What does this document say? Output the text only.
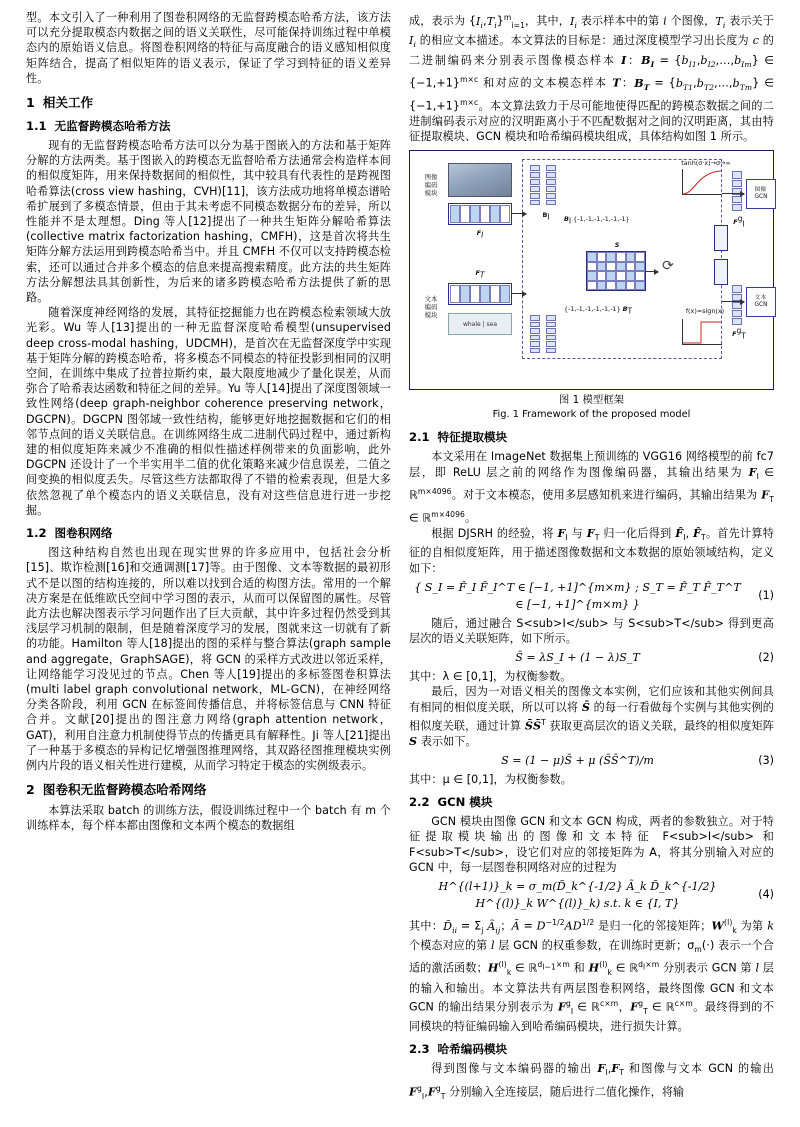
型。本文引入了一种利用了图卷积网络的无监督跨模态哈希方法，该方法可以充分提取模态内数据之间的语义关联性，尽可能保持训练过程中单模态内的原始语义信息。将图卷积网络的特征与高度融合的语义感知相似度矩阵结合，提高了相似矩阵的语义表示，保证了学习到特征的语义差异性。

1 相关工作
1.1 无监督跨模态哈希方法

现有的无监督跨模态哈希方法可以分为基于图嵌入的方法和基于矩阵分解的方法两类。基于图嵌入的跨模态无监督哈希方法通常会构造样本间的相似度矩阵，用来保持数据间的相似性，其中较具有代表性的是跨视图哈希算法(cross view hashing，CVH)[11]，该方法成功地将单模态谱哈希扩展到了多模态情景，但由于其未考虑不同模态数据分布的差异，所以性能并不是太理想。Ding 等人[12]提出了一种共生矩阵分解哈希算法(collective matrix factorization hashing，CMFH)，这是首次将共生矩阵分解方法运用到跨模态哈希当中。并且 CMFH 不仅可以支持跨模态检索，还可以通过合并多个模态的信息来提高搜索精度。此方法的共生矩阵方法分解想法具其创新性，为后来的诸多跨模态哈希方法提供了新的思路。

随着深度神经网络的发展，其特征挖掘能力也在跨模态检索领域大放光彩。Wu 等人[13]提出的一种无监督深度哈希模型(unsupervised deep cross-modal hashing，UDCMH)，是首次在无监督深度学中实现基于矩阵分解的跨模态哈希，将多模态不同模态的特征投影到相同的汉明空间，在训练中集成了拉普拉斯约束，最大限度地减少了量化误差，从而弥合了哈希表达函数和特征之间的差异。Yu 等人[14]提出了深度图领域一致性网络(deep graph-neighbor coherence preserving network，DGCPN)。DGCPN 图邻域一致性结构，能够更好地挖掘数据和它们的相邻节点间的语义关联信息。在训练网络生成二进制代码过程中，通过新构建的相似度矩阵来减少不准确的相似性描述样例带来的负面影响，此外 DGCPN 还设计了一个半实用半二值的优化策略来减少信息误差，二值之间变换的相似度丢失。尽管这些方法都取得了不错的检索表现，但是大多依然忽视了单个模态内的语义关联信息，没有对这些信息进行进一步挖掘。

1.2 图卷积网络

图这种结构自然也出现在现实世界的许多应用中，包括社会分析[15]、欺诈检测[16]和交通调测[17]等。由于图像、文本等数据的最初形式不是以图的结构连接的，所以难以找到合适的构图方法。常用的一个解决方案是在低维欧氏空间中学习图的表示，从而可以保留图的属性。尽管此方法也解决图表示学习问题作出了巨大贡献，其中许多过程仍然受到其浅层学习机制的限制，但是随着深度学习的发展，图就来这一切就有了新的功能。Hamilton 等人[18]提出的图的采样与整合算法(graph sample and aggregate，GraphSAGE)，将 GCN 的采样方式改进以邻近采样，让网络能学习没见过的节点。Chen 等人[19]提出的多标签图卷积算法(multi label graph convolutional network，ML-GCN)，在神经网络分类各阶段，利用 GCN 在标签间传播信息，并将标签信息与 CNN 特征合并。文献[20]提出的图注意力网络(graph attention network，GAT)，利用自注意力机制使得节点的传播更具有解释性。Ji 等人[21]提出了一种基于多模态的异构记忆增强图推理网络，其双路径图推理模块实例例内片段的语义相关性进行建模，从而学习特定于模态的实例级表示。

2 图卷积无监督跨模态哈希网络

本算法采取 batch 的训练方法，假设训练过程中一个 batch 有 m 个训练样本，每个样本都由图像和文本两个模态的数据组

成，表示为 $\{I_i,T_i\}^m_{i=1}$，其中，$I_i$ 表示样本中的第 i 个图像，$T_i$ 表示关于 $I_i$ 的相应文本描述。本文算法的目标是：通过深度模型学习出长度为 c 的二进制编码来分别表示图像模态样本 I：$B_I$ = $\{b_{I1},b_{I2},\dots,b_{Im}\}$ ∈ $\{-1,+1\}^{m\times c}$ 和对应的文本模态样本 T：$B_T$ = $\{b_{T1},b_{T2},\dots,b_{Tm}\}$ ∈ $\{-1,+1\}^{m\times c}$。本文算法致力于尽可能地使得匹配的跨模态数据之间的二进制编码表示对应的汉明距离小于不匹配数据对之间的汉明距离，其由特征提取模块、GCN 模块和哈希编码模块组成，具体结构如图 1 所示。

图像
编码
模块
文本
编码
模块
$F_I$
whale | sea
$F_T$
$B_I$
S
⟳
$B_I$ {-1,-1,-1,-1,-1,-1}
{-1,-1,-1,-1,-1,-1} $B_T$
tanh(σ·x)→σ→∞
f(x)=sign(x)
$F^g_I$
$F^g_T$
图像
GCN
文本
GCN
图 1 模型框架
Fig. 1 Framework of the proposed model
2.1 特征提取模块

本文采用在 ImageNet 数据集上预训练的 VGG16 网络模型的前 fc7 层，即 ReLU 层之前的网络作为图像编码器，其输出结果为 $F_I$ ∈ ℝ$^{m\times 4096}$。对于文本模态，使用多层感知机来进行编码，其输出结果为 $F_T$ ∈ ℝ$^{m\times 4096}$。

根据 DJSRH 的经验，将 $F_I$ 与 $F_T$ 归一化后得到 $F̂_I$, $F̂_T$。首先计算特征的自相似度矩阵，用于描述图像数据和文本数据的原始领域结构，定义如下：

{ S_I = F̂_I F̂_I^T ∈ [−1, +1]^{m×m} ; S_T = F̂_T F̂_T^T ∈ [−1, +1]^{m×m} }
(1)

随后，通过融合 S<sub>I</sub> 与 S<sub>T</sub> 得到更高层次的语义关联矩阵，如下所示。

S̄ = λS_I + (1 − λ)S_T	(2)

其中：λ ∈ [0,1]，为权衡参数。

最后，因为一对语义相关的图像文本实例，它们应该和其他实例间具有相同的相似度关联，所以可以将 S̄ 的每一行看做每个实例与其他实例的相似度关联，通过计算 S̄S̄$^T$ 获取更高层次的语义关联，最终的相似度矩阵 S 表示如下。

S = (1 − μ)S̄ + μ (S̄S̄^T)/m	(3)

其中：μ ∈ [0,1]，为权衡参数。

2.2 GCN 模块

GCN 模块由图像 GCN 和文本 GCN 构成，两者的参数独立。对于特征提取模块输出的图像和文本特征 F<sub>I</sub> 和 F<sub>T</sub>，设它们对应的邻接矩阵为 A，将其分别输入对应的 GCN 中，每一层图卷积网络对应的过程为

H^{(l+1)}_k = σ_m(D̃_k^{-1/2} Ã_k D̃_k^{-1/2} H^{(l)}_k W^{(l)}_k) s.t. k ∈ {I, T}
(4)

其中：$D̃_{ii} = \Sigma_j$ $Ã_{ij}$；Ã = $D^{-1/2}AD^{1/2}$ 是归一化的邻接矩阵；$W^{(l)}_k$ 为第 k 个模态对应的第 l 层 GCN 的权重参数，在训练时更新；$\sigma_m(\cdot)$ 表示一个合适的激活函数；$H^{(l)}_k$ ∈ ℝ$^{d_{l-1}\times m}$ 和 $H^{(l)}_k$ ∈ ℝ$^{d_l\times m}$ 分别表示 GCN 第 l 层的输入和输出。本文算法共有两层图卷积网络，最终图像 GCN 和文本 GCN 的输出结果分别表示为 $F^g_I$ ∈ ℝ$^{c\times m}$，$F^g_T$ ∈ ℝ$^{c\times m}$。最终得到的不同模块的特征编码输入到哈希编码模块，进行损失计算。

2.3 哈希编码模块

得到图像与文本编码器的输出 $F_I,F_T$ 和图像与文本 GCN 的输出 $F^g_I,F^g_T$ 分别输入全连接层，随后进行二值化操作，将输
